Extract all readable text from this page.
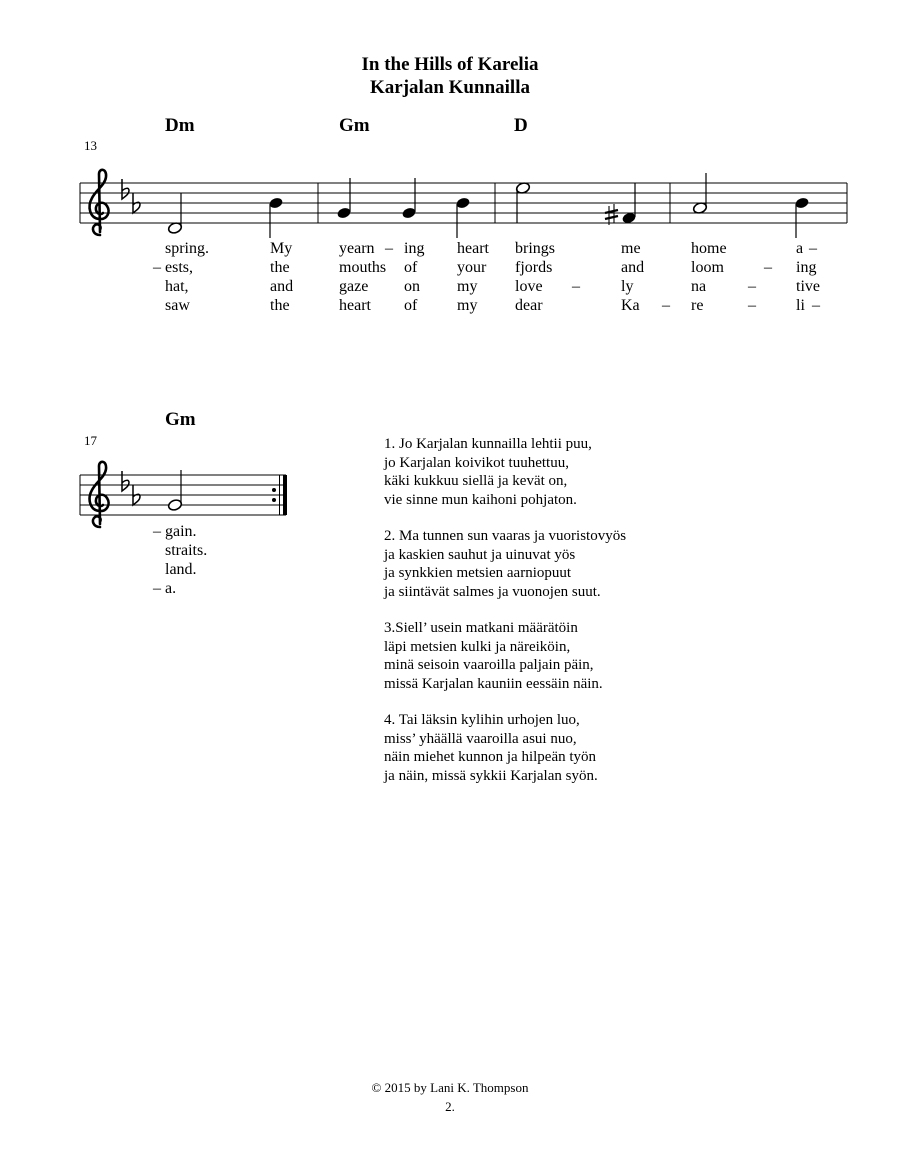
In the Hills of Karelia
Karjalan Kunnailla
Dm	Gm	D
13
spring.	My	yearn – ing heart brings	me	home	a –
– ests,	the	mouths of your fjords	and	loom	– ing
hat,	and	gaze on my love –	ly	na	–	tive
saw	the	heart of my dear	Ka – re	–	li –
Gm
17
– gain.
straits.
land.
– a.

1. Jo Karjalan kunnailla lehtii puu,
jo Karjalan koivikot tuuhettuu,
käki kukkuu siellä ja kevät on,
vie sinne mun kaihoni pohjaton.

2. Ma tunnen sun vaaras ja vuoristovyös
ja kaskien sauhut ja uinuvat yös
ja synkkien metsien aarniopuut
ja siintävät salmes ja vuonojen suut.

3.Siell’ usein matkani määrätöin
läpi metsien kulki ja näreiköin,
minä seisoin vaaroilla paljain päin,
missä Karjalan kauniin eessäin näin.

4. Tai läksin kylihin urhojen luo,
miss’ yhäällä vaaroilla asui nuo,
näin miehet kunnon ja hilpeän työn
ja näin, missä sykkii Karjalan syön.

© 2015 by Lani K. Thompson
2.
